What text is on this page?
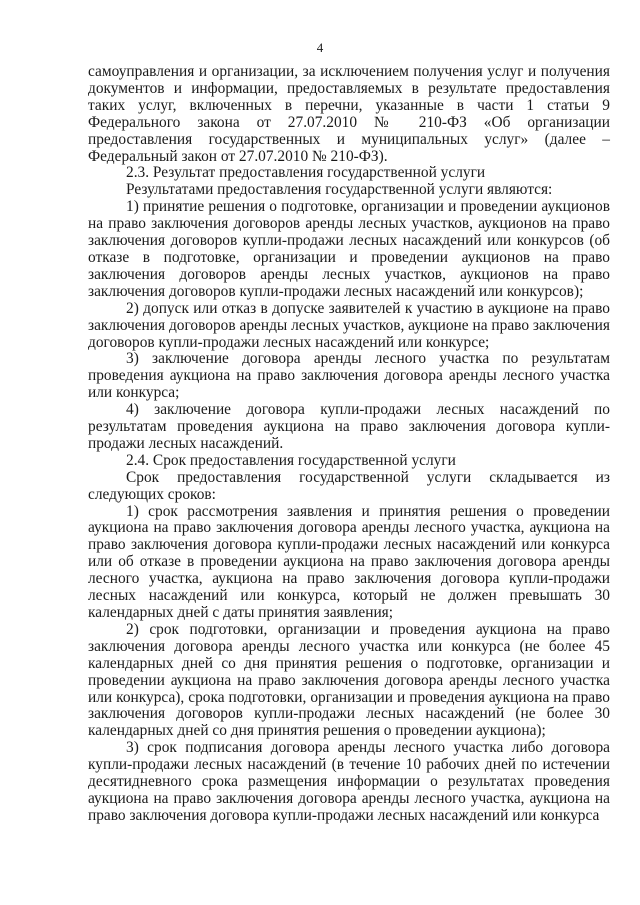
4

самоуправления и организации, за исключением получения услуг и получения документов и информации, предоставляемых в результате предоставления таких услуг, включенных в перечни, указанные в части 1 статьи 9 Федерального закона от 27.07.2010 № 210-ФЗ «Об организации предоставления государственных и муниципальных услуг» (далее – Федеральный закон от 27.07.2010 № 210-ФЗ).

2.3. Результат предоставления государственной услуги

Результатами предоставления государственной услуги являются:

1) принятие решения о подготовке, организации и проведении аукционов на право заключения договоров аренды лесных участков, аукционов на право заключения договоров купли-продажи лесных насаждений или конкурсов (об отказе в подготовке, организации и проведении аукционов на право заключения договоров аренды лесных участков, аукционов на право заключения договоров купли-продажи лесных насаждений или конкурсов);

2) допуск или отказ в допуске заявителей к участию в аукционе на право заключения договоров аренды лесных участков, аукционе на право заключения договоров купли-продажи лесных насаждений или конкурсе;

3) заключение договора аренды лесного участка по результатам проведения аукциона на право заключения договора аренды лесного участка или конкурса;

4) заключение договора купли-продажи лесных насаждений по результатам проведения аукциона на право заключения договора купли-продажи лесных насаждений.

2.4. Срок предоставления государственной услуги

Срок предоставления государственной услуги складывается из следующих сроков:

1) срок рассмотрения заявления и принятия решения о проведении аукциона на право заключения договора аренды лесного участка, аукциона на право заключения договора купли-продажи лесных насаждений или конкурса или об отказе в проведении аукциона на право заключения договора аренды лесного участка, аукциона на право заключения договора купли-продажи лесных насаждений или конкурса, который не должен превышать 30 календарных дней с даты принятия заявления;

2) срок подготовки, организации и проведения аукциона на право заключения договора аренды лесного участка или конкурса (не более 45 календарных дней со дня принятия решения о подготовке, организации и проведении аукциона на право заключения договора аренды лесного участка или конкурса), срока подготовки, организации и проведения аукциона на право заключения договоров купли-продажи лесных насаждений (не более 30 календарных дней со дня принятия решения о проведении аукциона);

3) срок подписания договора аренды лесного участка либо договора купли-продажи лесных насаждений (в течение 10 рабочих дней по истечении десятидневного срока размещения информации о результатах проведения аукциона на право заключения договора аренды лесного участка, аукциона на право заключения договора купли-продажи лесных насаждений или конкурса
